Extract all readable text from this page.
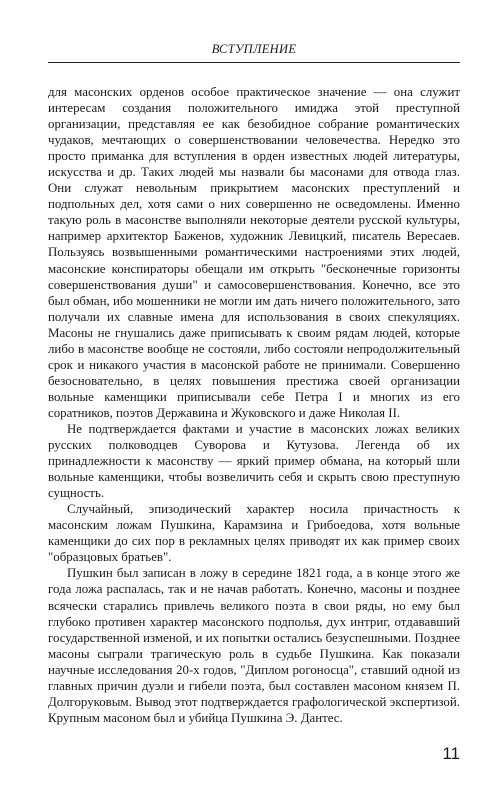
ВСТУПЛЕНИЕ

для масонских орденов особое практическое значение — она служит интересам создания положительного имиджа этой преступной организации, представляя ее как безобидное собрание романтических чудаков, мечтающих о совершенствовании человечества. Нередко это просто приманка для вступления в орден известных людей литературы, искусства и др. Таких людей мы назвали бы масонами для отвода глаз. Они служат невольным прикрытием масонских преступлений и подпольных дел, хотя сами о них совершенно не осведомлены. Именно такую роль в масонстве выполняли некоторые деятели русской культуры, например архитектор Баженов, художник Левицкий, писатель Вересаев. Пользуясь возвышенными романтическими настроениями этих людей, масонские конспираторы обещали им открыть "бесконечные горизонты совершенствования души" и самосовершенствования. Конечно, все это был обман, ибо мошенники не могли им дать ничего положительного, зато получали их славные имена для использования в своих спекуляциях. Масоны не гнушались даже приписывать к своим рядам людей, которые либо в масонстве вообще не состояли, либо состояли непродолжительный срок и никакого участия в масонской работе не принимали. Совершенно безосновательно, в целях повышения престижа своей организации вольные каменщики приписывали себе Петра I и многих из его соратников, поэтов Державина и Жуковского и даже Николая II.

Не подтверждается фактами и участие в масонских ложах великих русских полководцев Суворова и Кутузова. Легенда об их принадлежности к масонству — яркий пример обмана, на который шли вольные каменщики, чтобы возвеличить себя и скрыть свою преступную сущность.

Случайный, эпизодический характер носила причастность к масонским ложам Пушкина, Карамзина и Грибоедова, хотя вольные каменщики до сих пор в рекламных целях приводят их как пример своих "образцовых братьев".

Пушкин был записан в ложу в середине 1821 года, а в конце этого же года ложа распалась, так и не начав работать. Конечно, масоны и позднее всячески старались привлечь великого поэта в свои ряды, но ему был глубоко противен характер масонского подполья, дух интриг, отдававший государственной изменой, и их попытки остались безуспешными. Позднее масоны сыграли трагическую роль в судьбе Пушкина. Как показали научные исследования 20-х годов, "Диплом рогоносца", ставший одной из главных причин дуэли и гибели поэта, был составлен масоном князем П. Долгоруковым. Вывод этот подтверждается графологической экспертизой. Крупным масоном был и убийца Пушкина Э. Дантес.

11
